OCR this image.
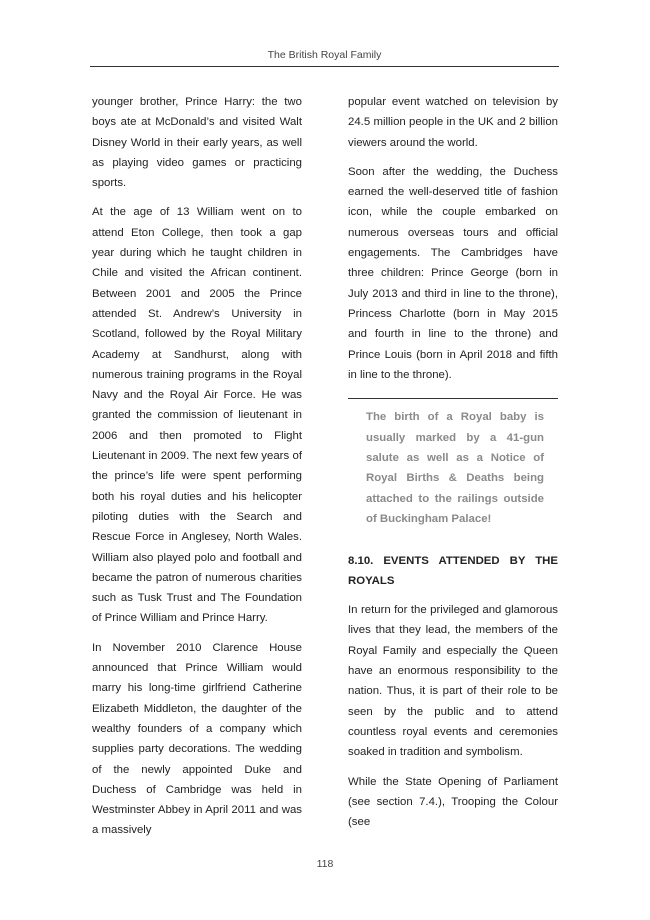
The British Royal Family

younger brother, Prince Harry: the two boys ate at McDonald’s and visited Walt Disney World in their early years, as well as playing video games or practicing sports.

At the age of 13 William went on to attend Eton College, then took a gap year during which he taught children in Chile and visited the African continent. Between 2001 and 2005 the Prince attended St. Andrew’s University in Scotland, followed by the Royal Military Academy at Sandhurst, along with numerous training programs in the Royal Navy and the Royal Air Force. He was granted the commission of lieutenant in 2006 and then promoted to Flight Lieutenant in 2009. The next few years of the prince’s life were spent performing both his royal duties and his helicopter piloting duties with the Search and Rescue Force in Anglesey, North Wales. William also played polo and football and became the patron of numerous charities such as Tusk Trust and The Foundation of Prince William and Prince Harry.

In November 2010 Clarence House announced that Prince William would marry his long-time girlfriend Catherine Elizabeth Middleton, the daughter of the wealthy founders of a company which supplies party decorations. The wedding of the newly appointed Duke and Duchess of Cambridge was held in Westminster Abbey in April 2011 and was a massively

popular event watched on television by 24.5 million people in the UK and 2 billion viewers around the world.

Soon after the wedding, the Duchess earned the well-deserved title of fashion icon, while the couple embarked on numerous overseas tours and official engagements. The Cambridges have three children: Prince George (born in July 2013 and third in line to the throne), Princess Charlotte (born in May 2015 and fourth in line to the throne) and Prince Louis (born in April 2018 and fifth in line to the throne).

The birth of a Royal baby is usually marked by a 41-gun salute as well as a Notice of Royal Births & Deaths being attached to the railings outside of Buckingham Palace!
8.10. EVENTS ATTENDED BY THE ROYALS

In return for the privileged and glamorous lives that they lead, the members of the Royal Family and especially the Queen have an enormous responsibility to the nation. Thus, it is part of their role to be seen by the public and to attend countless royal events and ceremonies soaked in tradition and symbolism.

While the State Opening of Parliament (see section 7.4.), Trooping the Colour (see

118
